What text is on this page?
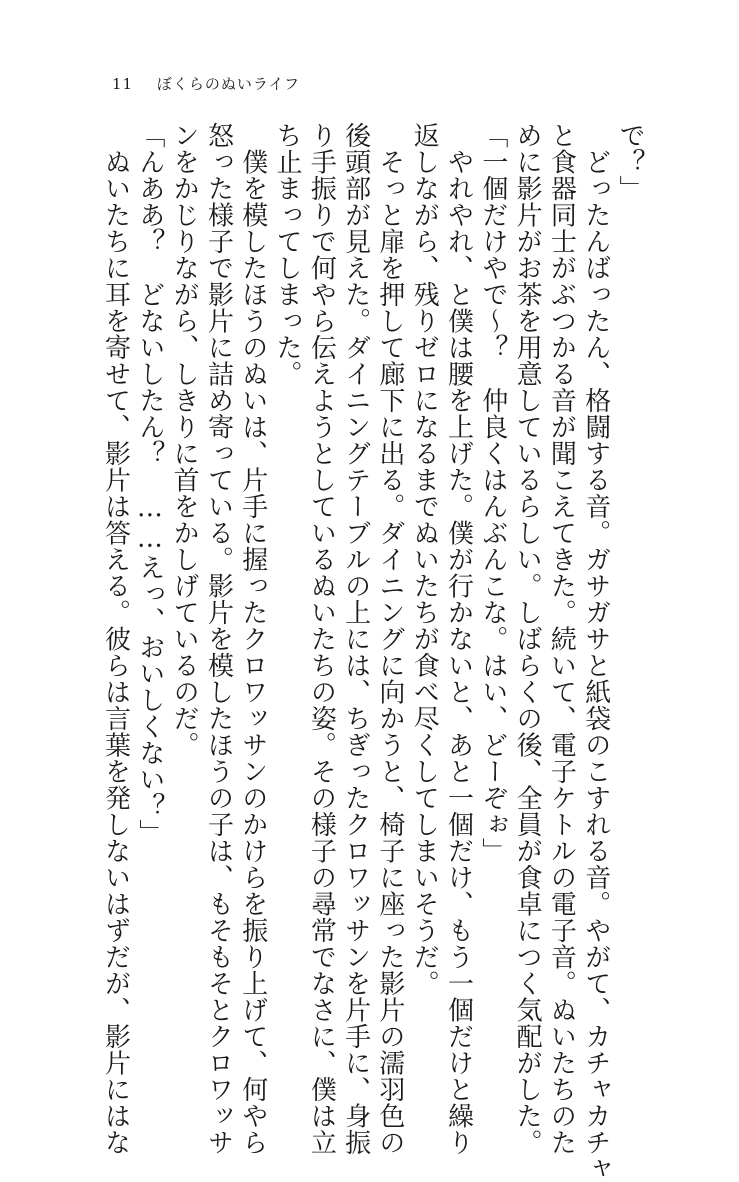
11 ぼくらのぬいライフ

で？」

　どったんばったん、格闘する音。ガサガサと紙袋のこすれる音。やがて、カチャカチャ

と食器同士がぶつかる音が聞こえてきた。続いて、電子ケトルの電子音。ぬいたちのた

めに影片がお茶を用意しているらしい。しばらくの後、全員が食卓につく気配がした。

「一個だけやで〜？　仲良くはんぶんこな。はい、どーぞぉ」

　やれやれ、と僕は腰を上げた。僕が行かないと、あと一個だけ、もう一個だけと繰り

返しながら、残りゼロになるまでぬいたちが食べ尽くしてしまいそうだ。

　そっと扉を押して廊下に出る。ダイニングに向かうと、椅子に座った影片の濡羽色の

後頭部が見えた。ダイニングテーブルの上には、ちぎったクロワッサンを片手に、身振

り手振りで何やら伝えようとしているぬいたちの姿。その様子の尋常でなさに、僕は立

ち止まってしまった。

　僕を模したほうのぬいは、片手に握ったクロワッサンのかけらを振り上げて、何やら

怒った様子で影片に詰め寄っている。影片を模したほうの子は、もそもそとクロワッサ

ンをかじりながら、しきりに首をかしげているのだ。

「んああ？　どないしたん？　……えっ、おいしくない？」

　ぬいたちに耳を寄せて、影片は答える。彼らは言葉を発しないはずだが、影片にはな
